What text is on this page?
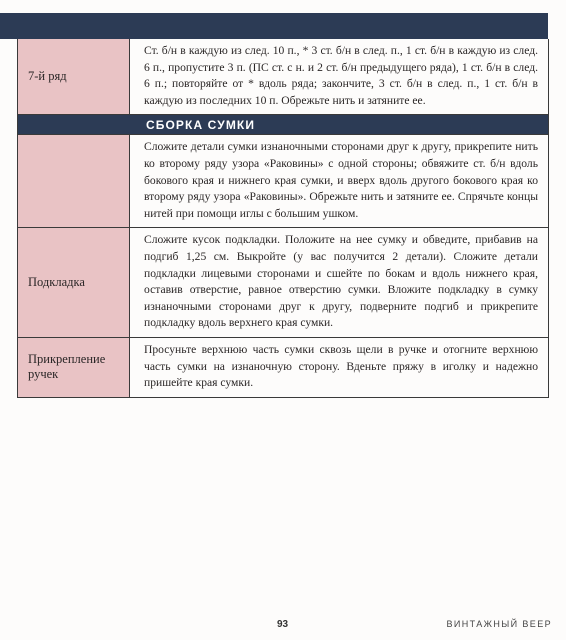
7-й ряд
Ст. б/н в каждую из след. 10 п., * 3 ст. б/н в след. п., 1 ст. б/н в каждую из след. 6 п., пропустите 3 п. (ПС ст. с н. и 2 ст. б/н предыдущего ряда), 1 ст. б/н в след. 6 п.; повторяйте от * вдоль ряда; закончите, 3 ст. б/н в след. п., 1 ст. б/н в каждую из последних 10 п. Обрежьте нить и затяните ее.
СБОРКА СУМКИ
Сложите детали сумки изнаночными сторонами друг к другу, прикрепите нить ко второму ряду узора «Раковины» с одной стороны; обвяжите ст. б/н вдоль бокового края и нижнего края сумки, и вверх вдоль другого бокового края ко второму ряду узора «Раковины». Обрежьте нить и затяните ее. Спрячьте концы нитей при помощи иглы с большим ушком.
Подкладка
Сложите кусок подкладки. Положите на нее сумку и обведите, прибавив на подгиб 1,25 см. Выкройте (у вас получится 2 детали). Сложите детали подкладки лицевыми сторонами и сшейте по бокам и вдоль нижнего края, оставив отверстие, равное отверстию сумки. Вложите подкладку в сумку изнаночными сторонами друг к другу, подверните подгиб и прикрепите подкладку вдоль верхнего края сумки.
Прикрепление ручек
Просуньте верхнюю часть сумки сквозь щели в ручке и отогните верхнюю часть сумки на изнаночную сторону. Вденьте пряжу в иголку и надежно пришейте края сумки.
93	ВИНТАЖНЫЙ ВЕЕР
